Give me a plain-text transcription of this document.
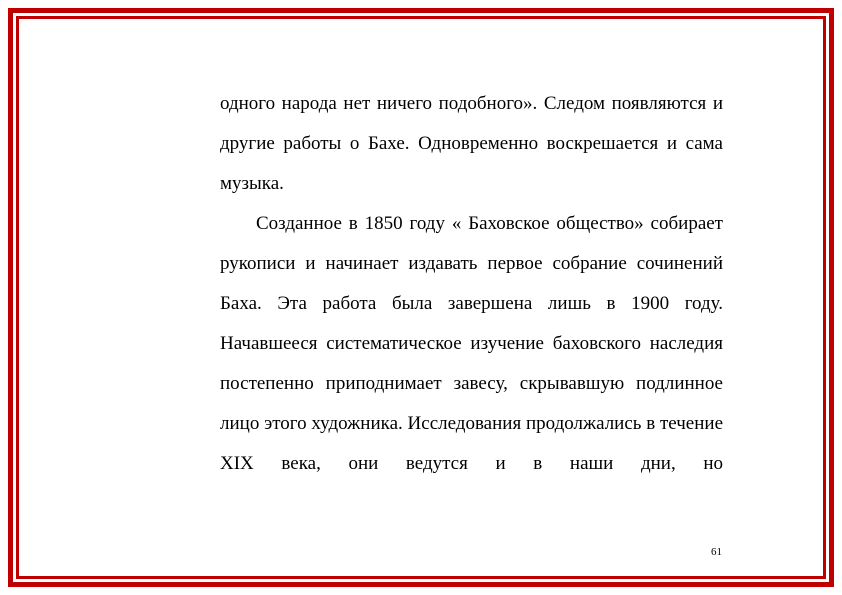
одного народа нет ничего подобного». Следом появляются и другие работы о Бахе. Одновременно воскрешается и сама музыка.

Созданное в 1850 году « Баховское общество» собирает рукописи и начинает издавать первое собрание сочинений Баха. Эта работа была завершена лишь в 1900 году. Начавшееся систематическое изучение баховского наследия постепенно приподнимает завесу, скрывавшую подлинное лицо этого художника. Исследования продолжались в течение XIX века, они ведутся и в наши дни, но

61
